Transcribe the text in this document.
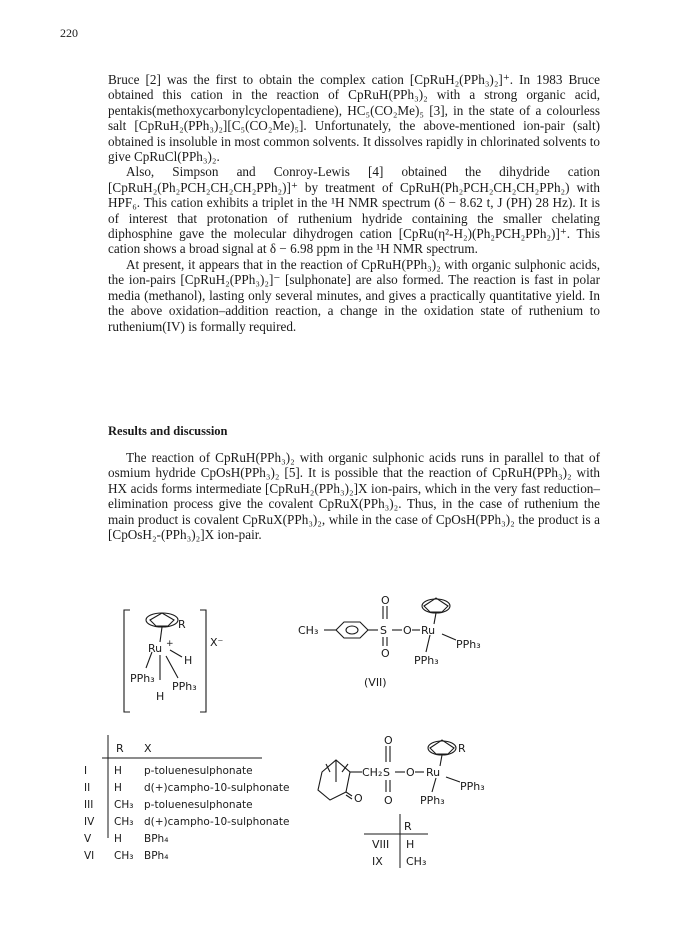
220

Bruce [2] was the first to obtain the complex cation [CpRuH₂(PPh₃)₂]⁺. In 1983 Bruce obtained this cation in the reaction of CpRuH(PPh₃)₂ with a strong organic acid, pentakis(methoxycarbonylcyclopentadiene), HC₅(CO₂Me)₅ [3], in the state of a colourless salt [CpRuH₂(PPh₃)₂][C₅(CO₂Me)₅]. Unfortunately, the above-mentioned ion-pair (salt) obtained is insoluble in most common solvents. It dissolves rapidly in chlorinated solvents to give CpRuCl(PPh₃)₂.

Also, Simpson and Conroy-Lewis [4] obtained the dihydride cation [CpRuH₂(Ph₂PCH₂CH₂CH₂PPh₂)]⁺ by treatment of CpRuH(Ph₂PCH₂CH₂CH₂PPh₂) with HPF₆. This cation exhibits a triplet in the ¹H NMR spectrum (δ − 8.62 t, J (PH) 28 Hz). It is of interest that protonation of ruthenium hydride containing the smaller chelating diphosphine gave the molecular dihydrogen cation [CpRu(η²-H₂)(Ph₂PCH₂PPh₂)]⁺. This cation shows a broad signal at δ − 6.98 ppm in the ¹H NMR spectrum.

At present, it appears that in the reaction of CpRuH(PPh₃)₂ with organic sulphonic acids, the ion-pairs [CpRuH₂(PPh₃)₂]⁻ [sulphonate] are also formed. The reaction is fast in polar media (methanol), lasting only several minutes, and gives a practically quantitative yield. In the above oxidation–addition reaction, a change in the oxidation state of ruthenium to ruthenium(IV) is formally required.

Results and discussion

The reaction of CpRuH(PPh₃)₂ with organic sulphonic acids runs in parallel to that of osmium hydride CpOsH(PPh₃)₂ [5]. It is possible that the reaction of CpRuH(PPh₃)₂ with HX acids forms intermediate [CpRuH₂(PPh₃)₂]X ion-pairs, which in the very fast reduction–elimination process give the covalent CpRuX(PPh₃)₂. Thus, in the case of ruthenium the main product is covalent CpRuX(PPh₃)₂, while in the case of CpOsH(PPh₃)₂ the product is a [CpOsH₂-(PPh₃)₂]X ion-pair.

R
Ru +
H
PPh₃
PPh₃
H
X⁻
CH₃	S
O
O
O Ru
PPh₃
PPh₃
(VII)
R X
I	H p-toluenesulphonate
II H d(+)campho-10-sulphonate
III CH₃ p-toluenesulphonate
IV CH₃ d(+)campho-10-sulphonate
V H BPh₄
VI CH₃ BPh₄
CH₂ S
O
O
O
O
Ru
R
PPh₃
PPh₃
R
VIII H
IX CH₃
